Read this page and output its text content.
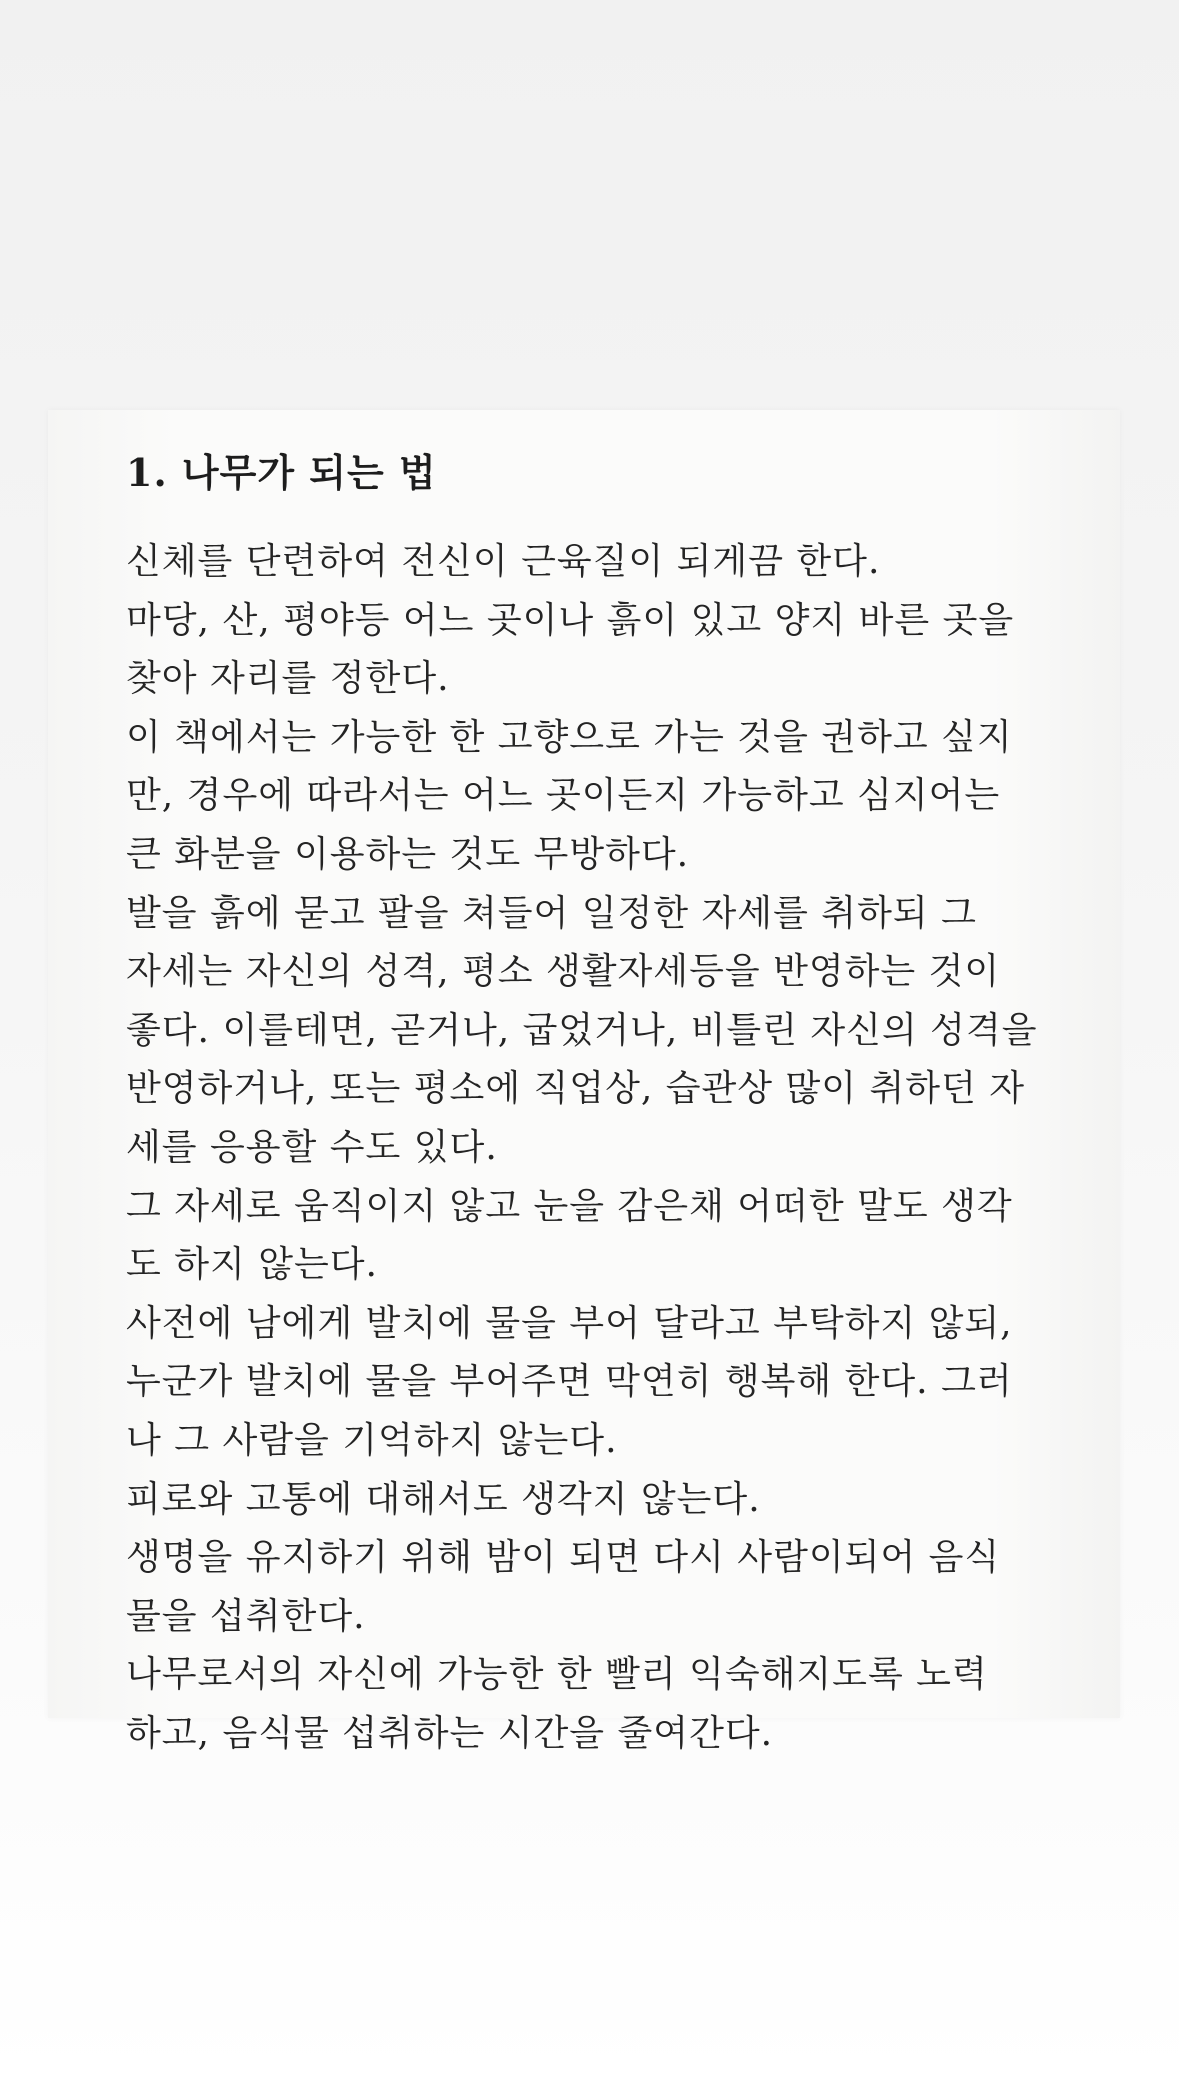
1. 나무가 되는 법
신체를 단련하여 전신이 근육질이 되게끔 한다.
마당, 산, 평야등 어느 곳이나 흙이 있고 양지 바른 곳을
찾아 자리를 정한다.
이 책에서는 가능한 한 고향으로 가는 것을 권하고 싶지
만, 경우에 따라서는 어느 곳이든지 가능하고 심지어는
큰 화분을 이용하는 것도 무방하다.
발을 흙에 묻고 팔을 쳐들어 일정한 자세를 취하되 그
자세는 자신의 성격, 평소 생활자세등을 반영하는 것이
좋다. 이를테면, 곧거나, 굽었거나, 비틀린 자신의 성격을
반영하거나, 또는 평소에 직업상, 습관상 많이 취하던 자
세를 응용할 수도 있다.
그 자세로 움직이지 않고 눈을 감은채 어떠한 말도 생각
도 하지 않는다.
사전에 남에게 발치에 물을 부어 달라고 부탁하지 않되,
누군가 발치에 물을 부어주면 막연히 행복해 한다. 그러
나 그 사람을 기억하지 않는다.
피로와 고통에 대해서도 생각지 않는다.
생명을 유지하기 위해 밤이 되면 다시 사람이되어 음식
물을 섭취한다.
나무로서의 자신에 가능한 한 빨리 익숙해지도록 노력
하고, 음식물 섭취하는 시간을 줄여간다.
